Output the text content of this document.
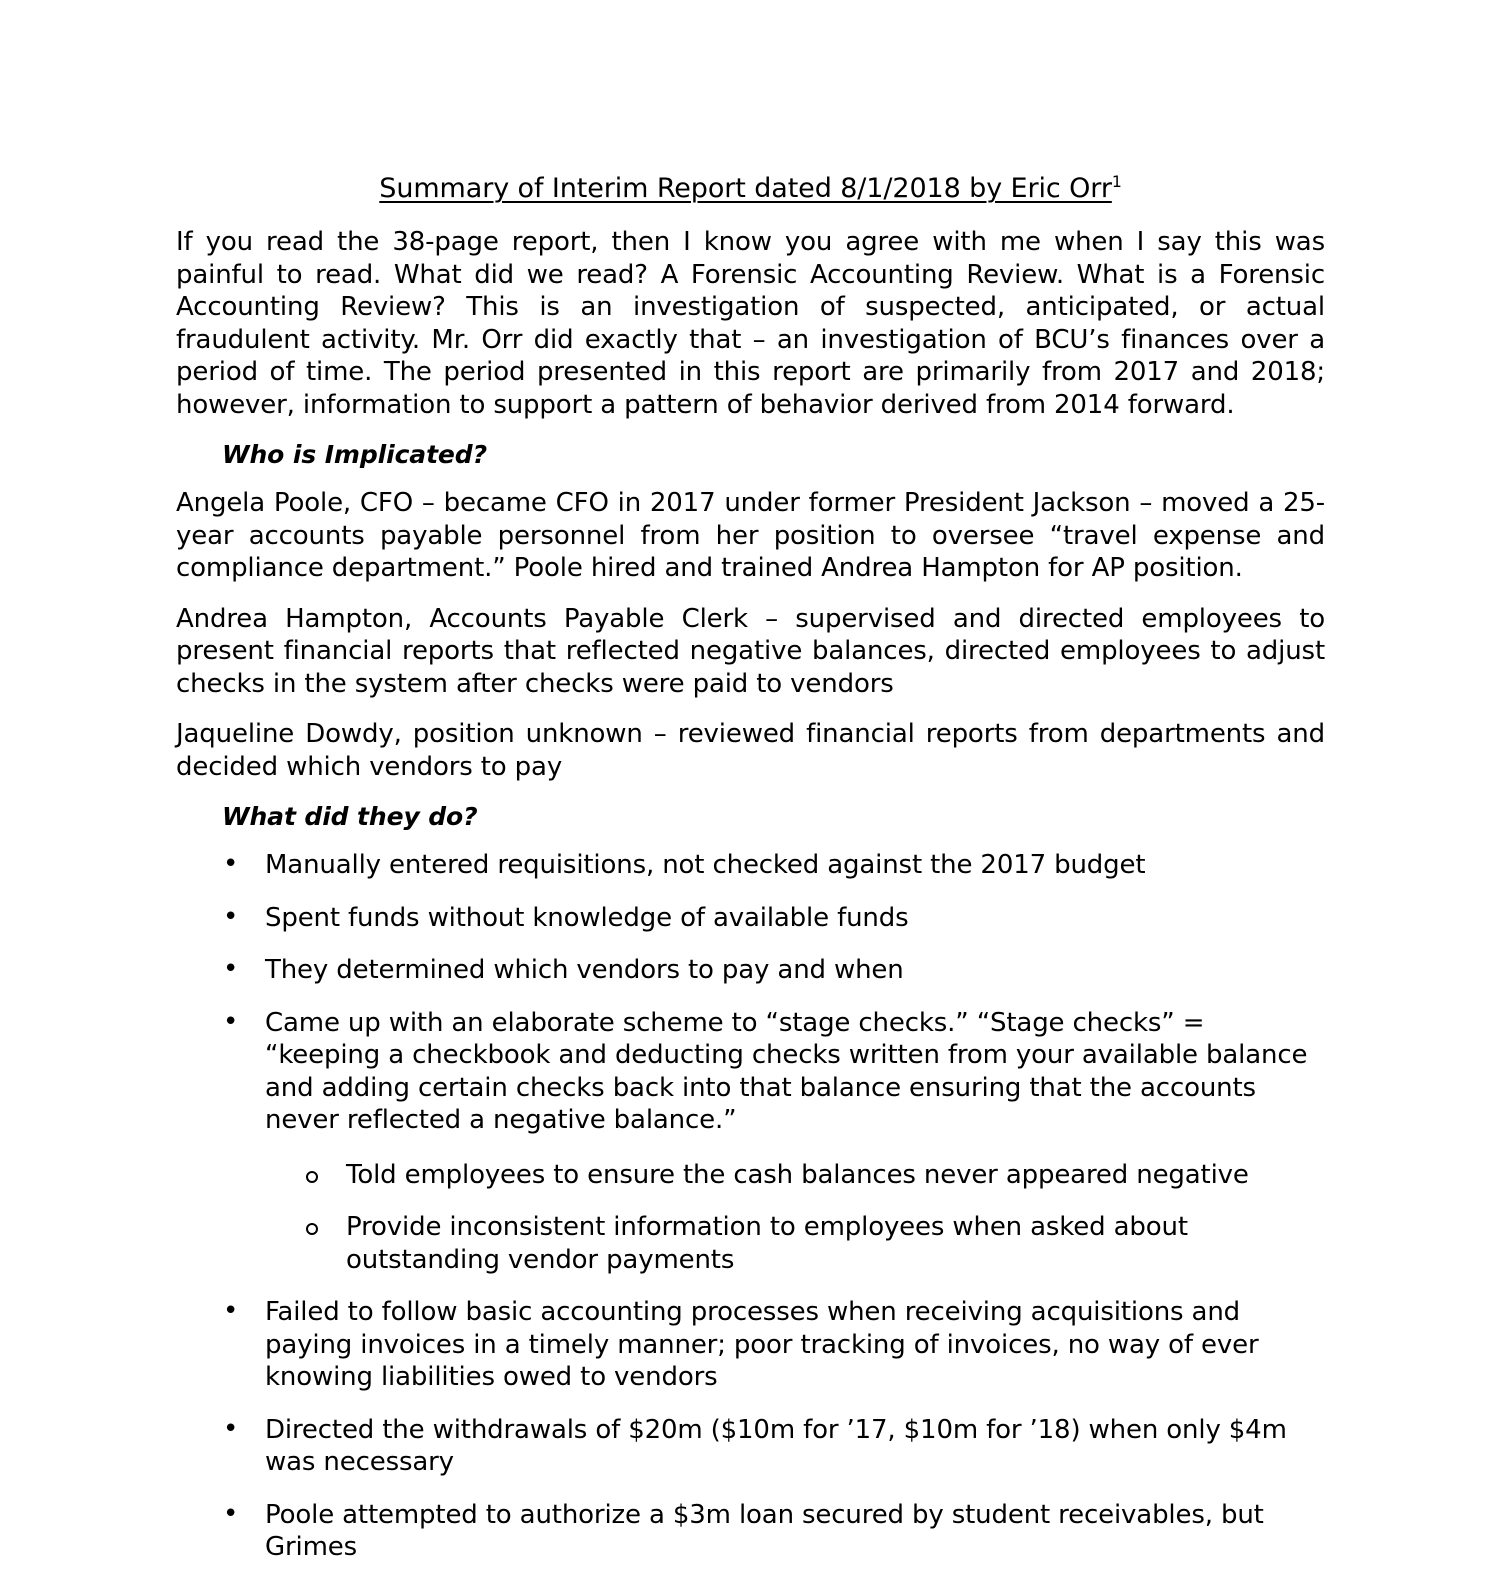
Summary of Interim Report dated 8/1/2018 by Eric Orr$^1$

If you read the 38-page report, then I know you agree with me when I say this was painful to read. What did we read? A Forensic Accounting Review. What is a Forensic Accounting Review? This is an investigation of suspected, anticipated, or actual fraudulent activity. Mr. Orr did exactly that – an investigation of BCU’s finances over a period of time. The period presented in this report are primarily from 2017 and 2018; however, information to support a pattern of behavior derived from 2014 forward.

Who is Implicated?

Angela Poole, CFO – became CFO in 2017 under former President Jackson – moved a 25-year accounts payable personnel from her position to oversee “travel expense and compliance department.” Poole hired and trained Andrea Hampton for AP position.

Andrea Hampton, Accounts Payable Clerk – supervised and directed employees to present financial reports that reflected negative balances, directed employees to adjust checks in the system after checks were paid to vendors

Jaqueline Dowdy, position unknown – reviewed financial reports from departments and decided which vendors to pay

What did they do?
• Manually entered requisitions, not checked against the 2017 budget
• Spent funds without knowledge of available funds
• They determined which vendors to pay and when
• Came up with an elaborate scheme to “stage checks.” “Stage checks” = “keeping a checkbook and deducting checks written from your available balance and adding certain checks back into that balance ensuring that the accounts never reflected a negative balance.”
Told employees to ensure the cash balances never appeared negative
Provide inconsistent information to employees when asked about outstanding vendor payments
• Failed to follow basic accounting processes when receiving acquisitions and paying invoices in a timely manner; poor tracking of invoices, no way of ever knowing liabilities owed to vendors
• Directed the withdrawals of $20m ($10m for ’17, $10m for ’18) when only $4m was necessary
• Poole attempted to authorize a $3m loan secured by student receivables, but Grimes
